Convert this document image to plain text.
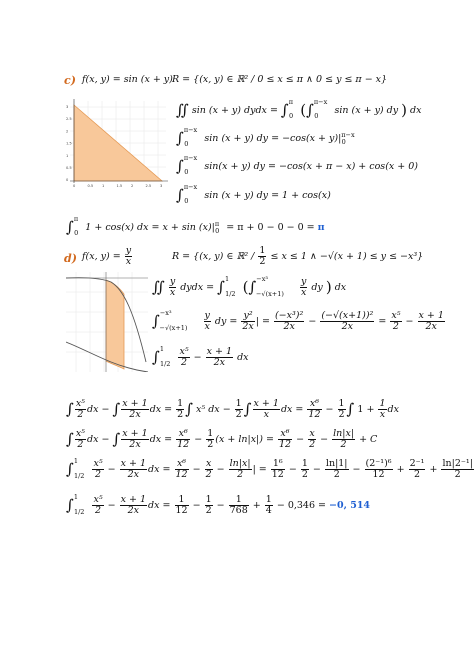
c) f(x, y) = sin (x + y) R = {(x, y) ∈ ℝ² / 0 ≤ x ≤ π ∧ 0 ≤ y ≤ π − x}
0	0.5 1	1.5 2	2.5 3
3
2.5
2
1.5
1
0.5
0
∬ sin (x + y) dydx = ∫$^\pi_0$ (∫$^{\pi-x}_0$ sin (x + y) dy ) dx
∫$^{\pi-x}_0$ sin (x + y) dy = $-\cos(x + y)|^{\pi-x}_0$
∫$^{\pi-x}_0$ sin(x + y) dy = −cos(x + π − x) + cos(x + 0)
∫$^{\pi-x}_0$ sin (x + y) dy = 1 + cos(x)
∫$^\pi_0$ 1 + cos(x) dx = $x + \sin (x)|^\pi_0 = \pi + 0 - 0 - 0 = \pi$
d) f(x, $y) = \frac{y}{x}$	R = {(x, y) ∈ ℝ² / $\frac{1}{2} \le x \le 1$ ∧ −√(x + 1) ≤ y ≤ −x³}
∬ $\frac{y}{x}$ dydx = ∫$^1_{1/2}$ ($\int^{-x^3}_{-√(x+1)} \frac{y}{x}$ dy ) dx
$\int^{-x^3}_{-√(x+1)} \frac{y}{x}$ dy = $\frac{\text{y²}}{2x}$ | = $\frac{\text{(−x³)²}}{2x} - \frac{\text{(−√(x+1))²}}{2x} = \frac{\text{x⁵}}{2} - \frac{x + 1}{2x}$
$\int^1_{1/2} \frac{\text{x⁵}}{2} - \frac{x + 1}{2x}$ dx
∫ $\frac{\text{x⁵}}{2}$ dx − ∫ $\frac{x + 1}{2x}$ dx = $\frac{1}{2}$ ∫ x⁵ dx − $\frac{1}{2}$ ∫ $\frac{x + 1}{x}$ dx = $\frac{\text{x⁶}}{12} - \frac{1}{2}$ ∫ $1 + \frac{1}{x}$ dx
∫ $\frac{\text{x⁵}}{2}$ dx − ∫ $\frac{x + 1}{2x}$ dx = $\frac{\text{x⁶}}{12} - \frac{1}{2} (x + \ln|x|) = \frac{\text{x⁶}}{12} - \frac{x}{2} - \frac{\ln|x|}{2} + C$
$\int^1_{1/2} \frac{\text{x⁵}}{2} - \frac{x + 1}{2x}$ dx = $\frac{\text{x⁶}}{12} - \frac{x}{2} - \frac{\ln|x|}{2}$ | = $\frac{\text{1⁶}}{12} - \frac{1}{2} - \frac{\ln|1|}{2} - \frac{\text{(2⁻¹)⁶}}{12} + \frac{\text{2⁻¹}}{2} + \frac{\text{ln|2⁻¹|}}{2}$
$\int^1_{1/2} \frac{\text{x⁵}}{2} - \frac{x + 1}{2x}$ dx = $\frac{1}{12} - \frac{1}{2} - \frac{1}{768} + \frac{1}{4} - 0,346 = -0$, 514
